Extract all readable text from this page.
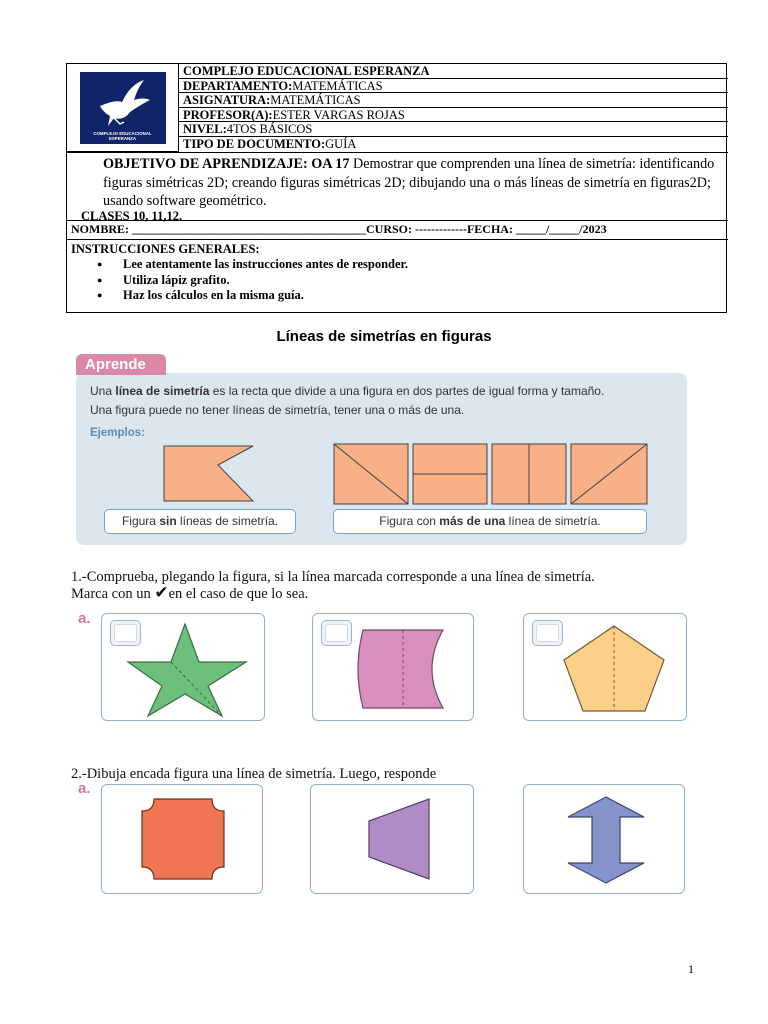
COMPLEJO EDUCACIONAL
ESPERANZA
COMPLEJO EDUCACIONAL ESPERANZA
DEPARTAMENTO:MATEMÁTICAS
ASIGNATURA:MATEMÁTICAS
PROFESOR(A):ESTER VARGAS ROJAS
NIVEL:4TOS BÁSICOS
TIPO DE DOCUMENTO:GUÍA
OBJETIVO DE APRENDIZAJE: OA 17 Demostrar que comprenden una línea de simetría: identificando figuras simétricas 2D; creando figuras simétricas 2D; dibujando una o más líneas de simetría en figuras2D; usando software geométrico.
CLASES 10, 11,12.
NOMBRE: _______________________________________CURSO: -------------FECHA: _____/_____/2023
INSTRUCCIONES GENERALES:
● Lee atentamente las instrucciones antes de responder.
● Utiliza lápiz grafito.
● Haz los cálculos en la misma guía.
Líneas de simetrías en figuras
Una línea de simetría es la recta que divide a una figura en dos partes de igual forma y tamaño.
Una figura puede no tener líneas de simetría, tener una o más de una.
Ejemplos:
Figura sin líneas de simetría.	Figura con más de una línea de simetría.
Aprende
1.-Comprueba, plegando la figura, si la línea marcada corresponde a una línea de simetría.
Marca con un ✔en el caso de que lo sea.
a.
2.-Dibuja encada figura una línea de simetría. Luego, responde
a.
1
